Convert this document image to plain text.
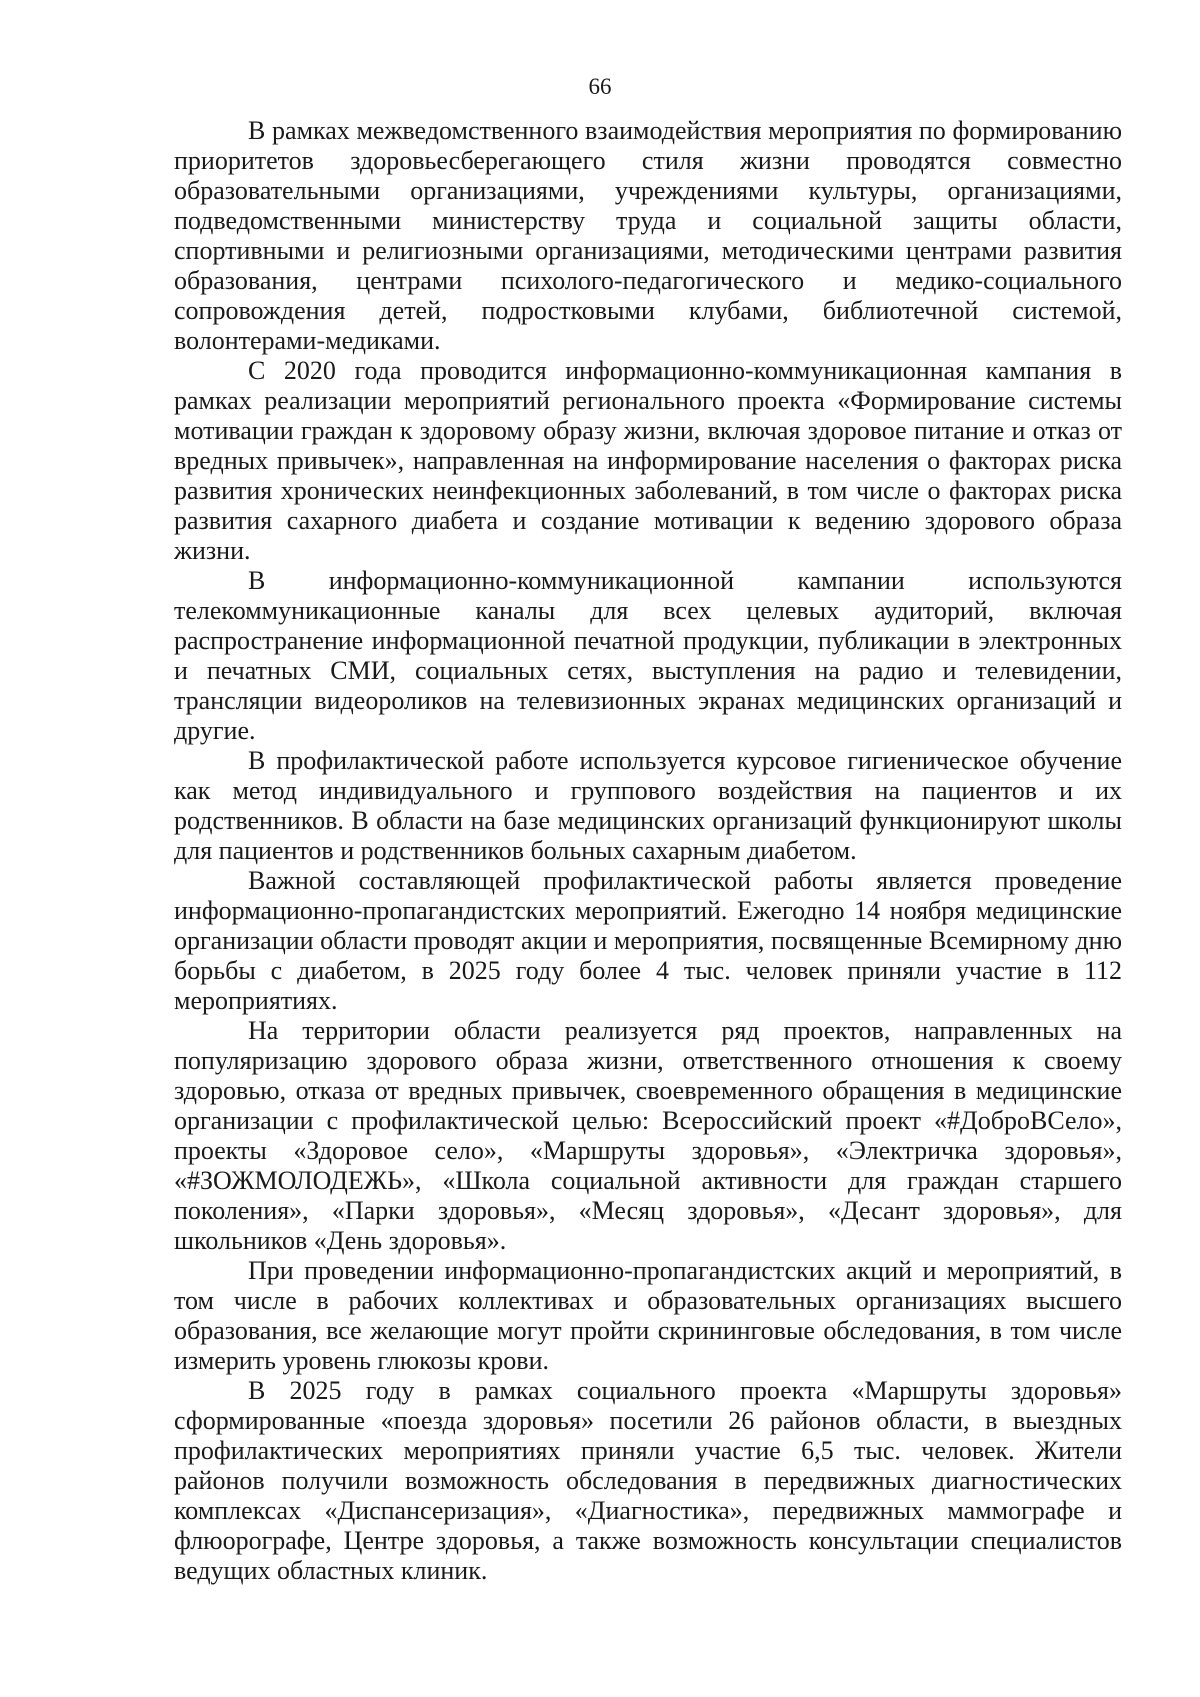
66

В рамках межведомственного взаимодействия мероприятия по формированию приоритетов здоровьесберегающего стиля жизни проводятся совместно образовательными организациями, учреждениями культуры, организациями, подведомственными министерству труда и социальной защиты области, спортивными и религиозными организациями, методическими центрами развития образования, центрами психолого-педагогического и медико-социального сопровождения детей, подростковыми клубами, библиотечной системой, волонтерами-медиками.

С 2020 года проводится информационно-коммуникационная кампания в рамках реализации мероприятий регионального проекта «Формирование системы мотивации граждан к здоровому образу жизни, включая здоровое питание и отказ от вредных привычек», направленная на информирование населения о факторах риска развития хронических неинфекционных заболеваний, в том числе о факторах риска развития сахарного диабета и создание мотивации к ведению здорового образа жизни.

В информационно-коммуникационной кампании используются телекоммуникационные каналы для всех целевых аудиторий, включая распространение информационной печатной продукции, публикации в электронных и печатных СМИ, социальных сетях, выступления на радио и телевидении, трансляции видеороликов на телевизионных экранах медицинских организаций и другие.

В профилактической работе используется курсовое гигиеническое обучение как метод индивидуального и группового воздействия на пациентов и их родственников. В области на базе медицинских организаций функционируют школы для пациентов и родственников больных сахарным диабетом.

Важной составляющей профилактической работы является проведение информационно-пропагандистских мероприятий. Ежегодно 14 ноября медицинские организации области проводят акции и мероприятия, посвященные Всемирному дню борьбы с диабетом, в 2025 году более 4 тыс. человек приняли участие в 112 мероприятиях.

На территории области реализуется ряд проектов, направленных на популяризацию здорового образа жизни, ответственного отношения к своему здоровью, отказа от вредных привычек, своевременного обращения в медицинские организации с профилактической целью: Всероссийский проект «#ДоброВСело», проекты «Здоровое село», «Маршруты здоровья», «Электричка здоровья», «#ЗОЖМОЛОДЕЖЬ», «Школа социальной активности для граждан старшего поколения», «Парки здоровья», «Месяц здоровья», «Десант здоровья», для школьников «День здоровья».

При проведении информационно-пропагандистских акций и мероприятий, в том числе в рабочих коллективах и образовательных организациях высшего образования, все желающие могут пройти скрининговые обследования, в том числе измерить уровень глюкозы крови.

В 2025 году в рамках социального проекта «Маршруты здоровья» сформированные «поезда здоровья» посетили 26 районов области, в выездных профилактических мероприятиях приняли участие 6,5 тыс. человек. Жители районов получили возможность обследования в передвижных диагностических комплексах «Диспансеризация», «Диагностика», передвижных маммографе и флюорографе, Центре здоровья, а также возможность консультации специалистов ведущих областных клиник.
